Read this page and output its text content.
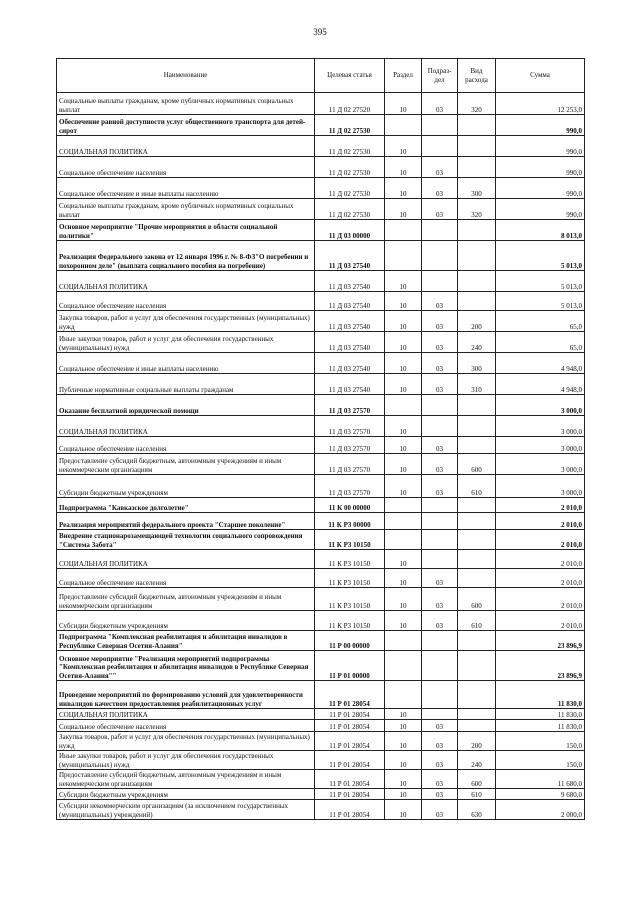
395
Наименование	Целевая статья	Раздел	Подраз-дел	Вид расхода	Сумма
Социальные выплаты гражданам, кроме публичных нормативных социальных выплат	11 Д 02 27520	10	03	320	12 253,0
Обеспечение равной доступности услуг общественного транспорта для детей-сирот	11 Д 02 27530				990,0
СОЦИАЛЬНАЯ ПОЛИТИКА	11 Д 02 27530	10			990,0
Социальное обеспечение населения	11 Д 02 27530	10	03		990,0
Социальное обеспечение и иные выплаты населению	11 Д 02 27530	10	03	300	990,0
Социальные выплаты гражданам, кроме публичных нормативных социальных выплат	11 Д 02 27530	10	03	320	990,0
Основное мероприятие "Прочие мероприятия в области социальной политики"	11 Д 03 00000				8 013,0
Реализация Федерального закона от 12 января 1996 г. № 8-ФЗ"О погребении и похоронном деле" (выплата социального пособия на погребение)	11 Д 03 27540				5 013,0
СОЦИАЛЬНАЯ ПОЛИТИКА	11 Д 03 27540	10			5 013,0
Социальное обеспечение населения	11 Д 03 27540	10	03		5 013,0
Закупка товаров, работ и услуг для обеспечения государственных (муниципальных) нужд	11 Д 03 27540	10	03	200	65,0
Иные закупки товаров, работ и услуг для обеспечения государственных (муниципальных) нужд	11 Д 03 27540	10	03	240	65,0
Социальное обеспечение и иные выплаты населению	11 Д 03 27540	10	03	300	4 948,0
Публичные нормативные социальные выплаты гражданам	11 Д 03 27540	10	03	310	4 948,0
Оказание бесплатной юридической помощи	11 Д 03 27570				3 000,0
СОЦИАЛЬНАЯ ПОЛИТИКА	11 Д 03 27570	10			3 000,0
Социальное обеспечение населения	11 Д 03 27570	10	03		3 000,0
Предоставление субсидий бюджетным, автономным учреждениям и иным некоммерческим организациям	11 Д 03 27570	10	03	600	3 000,0
Субсидии бюджетным учреждениям	11 Д 03 27570	10	03	610	3 000,0
Подпрограмма "Кавказское долголетие"	11 К 00 00000				2 010,0
Реализация мероприятий федерального проекта "Старшее поколение"	11 К Р3 00000				2 010,0
Внедрение стационарозамещающей технологии социального сопровождения "Система Забота"	11 К Р3 10150				2 010,0
СОЦИАЛЬНАЯ ПОЛИТИКА	11 К Р3 10150	10			2 010,0
Социальное обеспечение населения	11 К Р3 10150	10	03		2 010,0
Предоставление субсидий бюджетным, автономным учреждениям и иным некоммерческим организациям	11 К Р3 10150	10	03	600	2 010,0
Субсидии бюджетным учреждениям	11 К Р3 10150	10	03	610	2 010,0
Подпрограмма "Комплексная реабилитация и абилитация инвалидов в Республике Северная Осетия-Алания"	11 Р 00 00000				23 896,9
Основное мероприятие "Реализация мероприятий подпрограммы "Комплексная реабилитация и абилитация инвалидов в Республике Северная Осетия-Алания""	11 Р 01 00000				23 896,9
Проведение мероприятий по формированию условий для удовлетворенности инвалидов качеством предоставления реабилитационных услуг	11 Р 01 28054				11 830,0
СОЦИАЛЬНАЯ ПОЛИТИКА	11 Р 01 28054	10			11 830,0
Социальное обеспечение населения	11 Р 01 28054	10	03		11 830,0
Закупка товаров, работ и услуг для обеспечения государственных (муниципальных) нужд	11 Р 01 28054	10	03	200	150,0
Иные закупки товаров, работ и услуг для обеспечения государственных (муниципальных) нужд	11 Р 01 28054	10	03	240	150,0
Предоставление субсидий бюджетным, автономным учреждениям и иным некоммерческим организациям	11 Р 01 28054	10	03	600	11 680,0
Субсидии бюджетным учреждениям	11 Р 01 28054	10	03	610	9 680,0
Субсидии некоммерческим организациям (за исключением государственных (муниципальных) учреждений)	11 Р 01 28054	10	03	630	2 000,0
